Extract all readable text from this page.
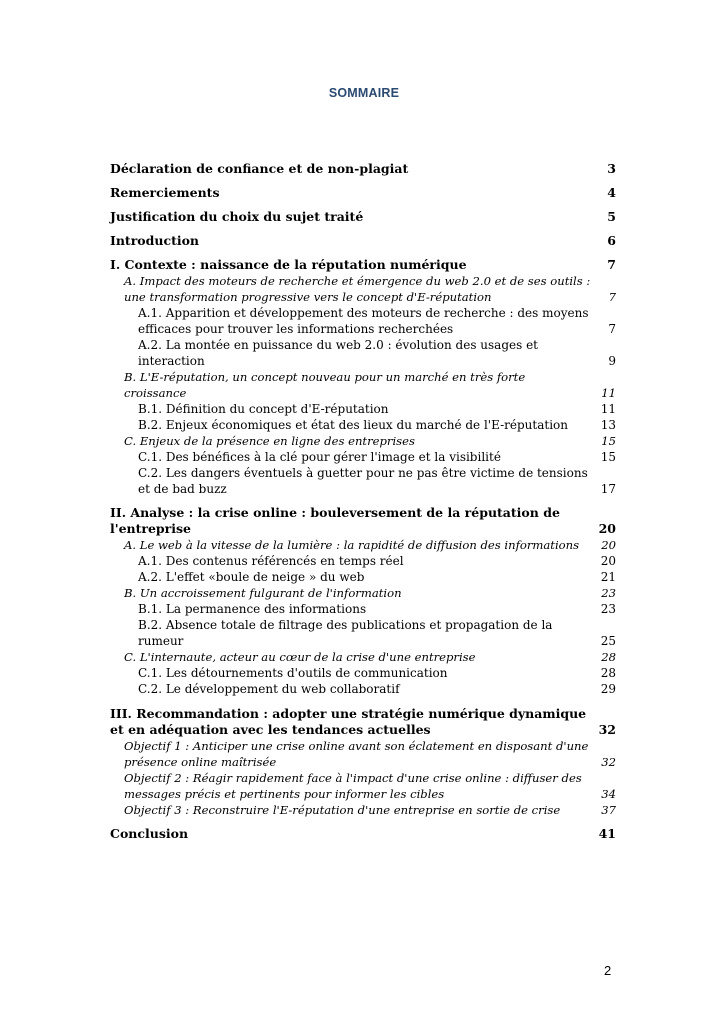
SOMMAIRE
Déclaration de confiance et de non-plagiat	3
Remerciements	4
Justification du choix du sujet traité	5
Introduction	6
I. Contexte : naissance de la réputation numérique	7
A. Impact des moteurs de recherche et émergence du web 2.0 et de ses outils : une transformation progressive vers le concept d'E-réputation	7
A.1. Apparition et développement des moteurs de recherche : des moyens efficaces pour trouver les informations recherchées	7
A.2. La montée en puissance du web 2.0 : évolution des usages et interaction	9
B. L'E-réputation, un concept nouveau pour un marché en très forte croissance	11
B.1. Définition du concept d'E-réputation	11
B.2. Enjeux économiques et état des lieux du marché de l'E-réputation	13
C. Enjeux de la présence en ligne des entreprises	15
C.1. Des bénéfices à la clé pour gérer l'image et la visibilité	15
C.2. Les dangers éventuels à guetter pour ne pas être victime de tensions et de bad buzz	17
II. Analyse : la crise online : bouleversement de la réputation de l'entreprise	20
A. Le web à la vitesse de la lumière : la rapidité de diffusion des informations	20
A.1. Des contenus référencés en temps réel	20
A.2. L'effet «boule de neige » du web	21
B. Un accroissement fulgurant de l'information	23
B.1. La permanence des informations	23
B.2. Absence totale de filtrage des publications et propagation de la rumeur	25
C. L'internaute, acteur au cœur de la crise d'une entreprise	28
C.1. Les détournements d'outils de communication	28
C.2. Le développement du web collaboratif	29
III. Recommandation : adopter une stratégie numérique dynamique et en adéquation avec les tendances actuelles	32
Objectif 1 : Anticiper une crise online avant son éclatement en disposant d'une présence online maîtrisée	32
Objectif 2 : Réagir rapidement face à l'impact d'une crise online : diffuser des messages précis et pertinents pour informer les cibles	34
Objectif 3 : Reconstruire l'E-réputation d'une entreprise en sortie de crise	37
Conclusion	41
2
